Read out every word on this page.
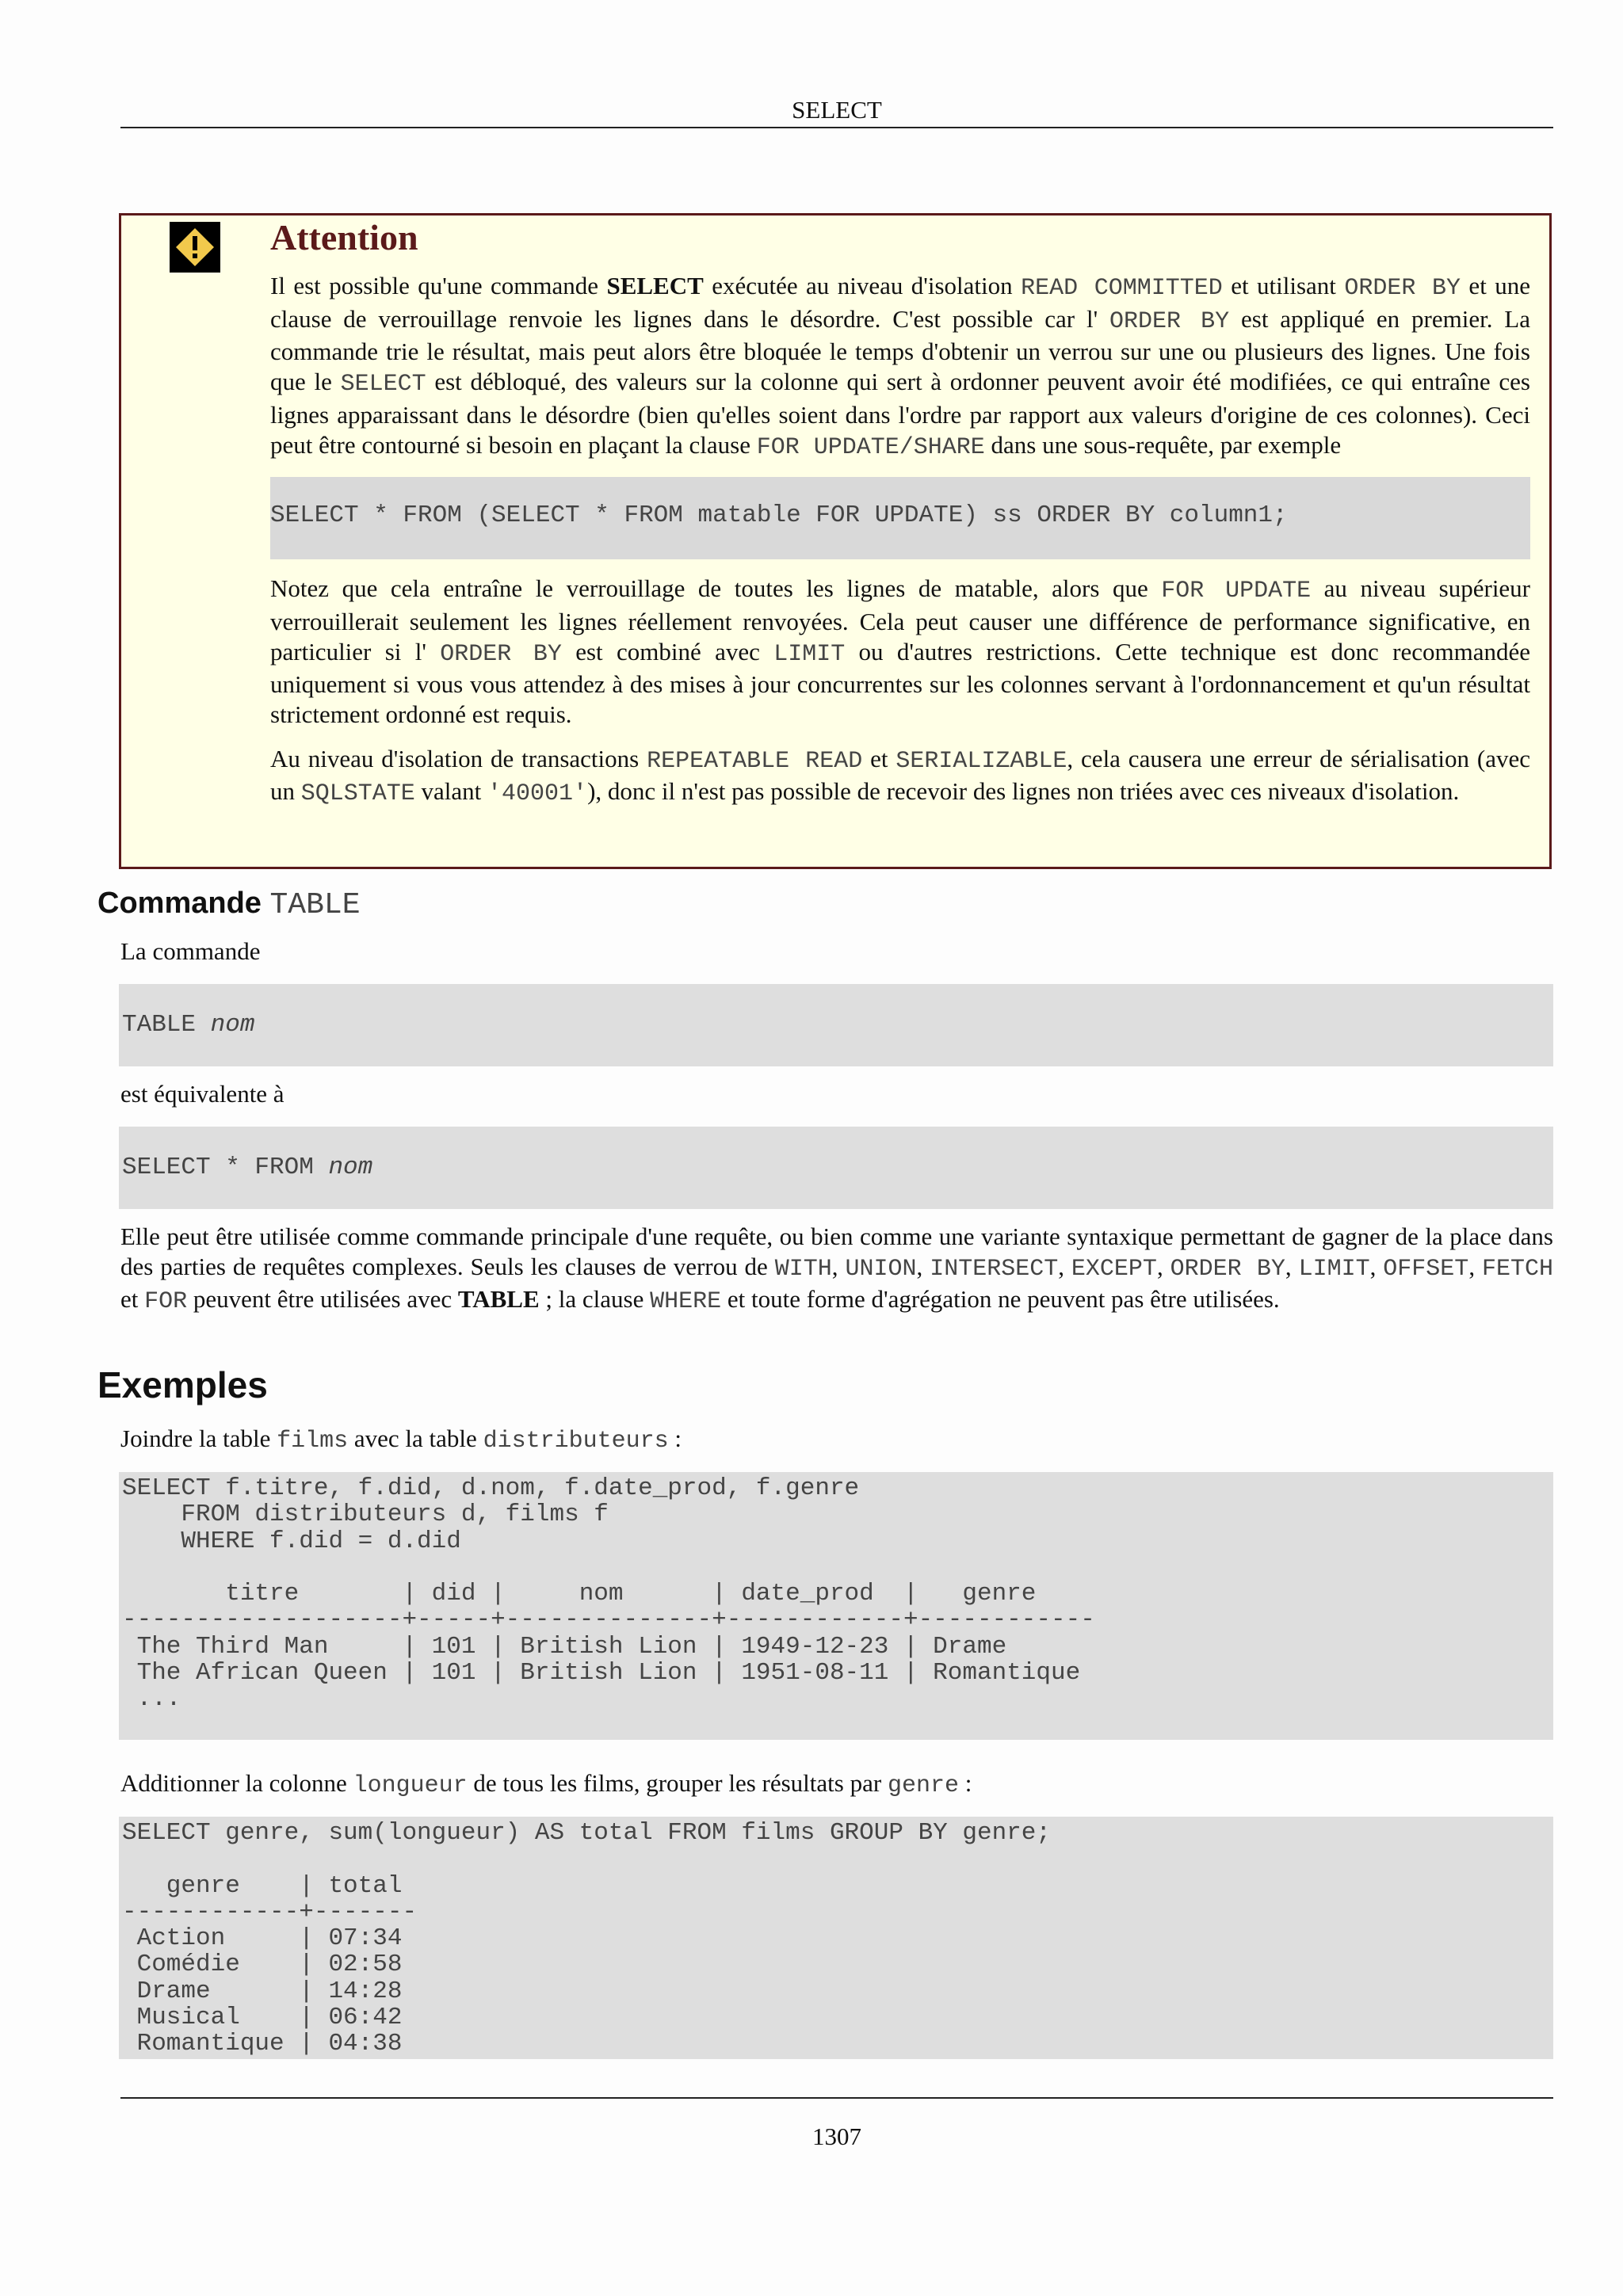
SELECT
Attention

Il est possible qu'une commande SELECT exécutée au niveau d'isolation READ COMMITTED et utilisant ORDER BY et une clause de verrouillage renvoie les lignes dans le désordre. C'est possible car l' ORDER BY est appliqué en premier. La commande trie le résultat, mais peut alors être bloquée le temps d'obtenir un verrou sur une ou plusieurs des lignes. Une fois que le SELECT est débloqué, des valeurs sur la colonne qui sert à ordonner peuvent avoir été modifiées, ce qui entraîne ces lignes apparaissant dans le désordre (bien qu'elles soient dans l'ordre par rapport aux valeurs d'origine de ces colonnes). Ceci peut être contourné si besoin en plaçant la clause FOR UPDATE/SHARE dans une sous-requête, par exemple

SELECT * FROM (SELECT * FROM matable FOR UPDATE) ss ORDER BY column1;

Notez que cela entraîne le verrouillage de toutes les lignes de matable, alors que FOR UPDATE au niveau supérieur verrouillerait seulement les lignes réellement renvoyées. Cela peut causer une différence de performance significative, en particulier si l' ORDER BY est combiné avec LIMIT ou d'autres restrictions. Cette technique est donc recommandée uniquement si vous vous attendez à des mises à jour concurrentes sur les colonnes servant à l'ordonnancement et qu'un résultat strictement ordonné est requis.

Au niveau d'isolation de transactions REPEATABLE READ et SERIALIZABLE, cela causera une erreur de sérialisation (avec un SQLSTATE valant '40001'), donc il n'est pas possible de recevoir des lignes non triées avec ces niveaux d'isolation.

Commande TABLE
La commande
TABLE nom
est équivalente à
SELECT * FROM nom

Elle peut être utilisée comme commande principale d'une requête, ou bien comme une variante syntaxique permettant de gagner de la place dans des parties de requêtes complexes. Seuls les clauses de verrou de WITH, UNION, INTERSECT, EXCEPT, ORDER BY, LIMIT, OFFSET, FETCH et FOR peuvent être utilisées avec TABLE ; la clause WHERE et toute forme d'agrégation ne peuvent pas être utilisées.

Exemples

Joindre la table films avec la table distributeurs :

SELECT f.titre, f.did, d.nom, f.date_prod, f.genre
FROM distributeurs d, films f
WHERE f.did = d.did

titre       | did |     nom      | date_prod  |   genre
-------------------+-----+--------------+------------+------------
The Third Man     | 101 | British Lion | 1949-12-23 | Drame
The African Queen | 101 | British Lion | 1951-08-11 | Romantique
...

Additionner la colonne longueur de tous les films, grouper les résultats par genre :

SELECT genre, sum(longueur) AS total FROM films GROUP BY genre;

genre    | total
------------+-------
Action     | 07:34
Comédie    | 02:58
Drame      | 14:28
Musical    | 06:42
Romantique | 04:38
1307
